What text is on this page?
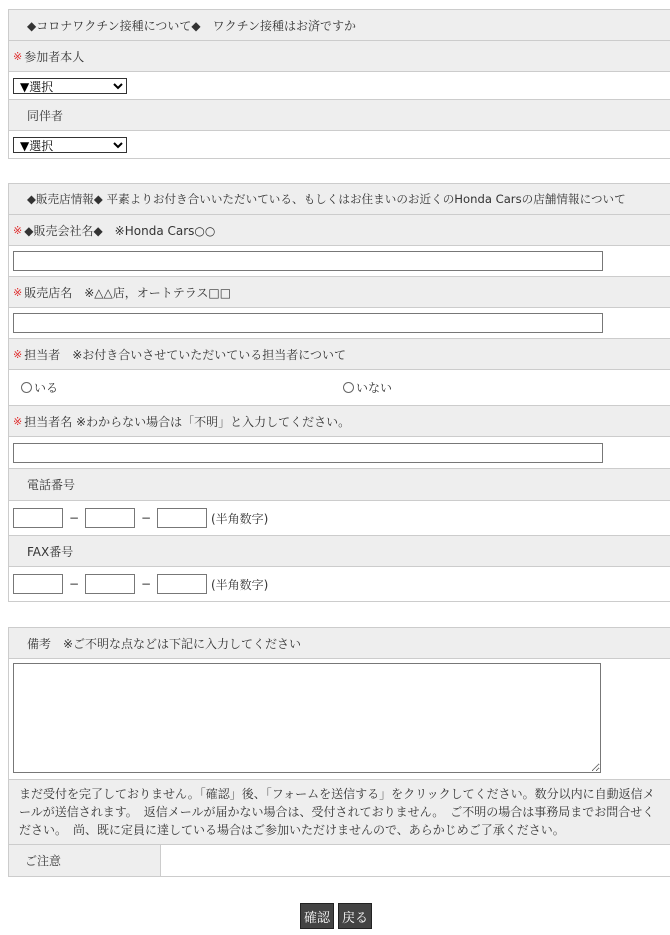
◆コロナワクチン接種について◆　ワクチン接種はお済ですか
※ 参加者本人
▼選択
同伴者
▼選択
◆販売店情報◆ 平素よりお付き合いいただいている、もしくはお住まいのお近くのHonda Carsの店舗情報について
※ ◆販売会社名◆　※Honda Cars○○
※ 販売店名　※△△店，オートテラス□□
※ 担当者　※お付き合いさせていただいている担当者について
いる	いない
※ 担当者名 ※わからない場合は「不明」と入力してください。
電話番号
−	−	(半角数字)
FAX番号
−	−	(半角数字)
備考　※ご不明な点などは下記に入力してください
まだ受付を完了しておりません。「確認」後、「フォームを送信する」をクリックしてください。数分以内に自動返信メールが送信されます。　返信メールが届かない場合は、受付されておりません。　ご不明の場合は事務局までお問合せください。　尚、既に定員に達している場合はご参加いただけませんので、あらかじめご了承ください。
ご注意
確認 戻る
